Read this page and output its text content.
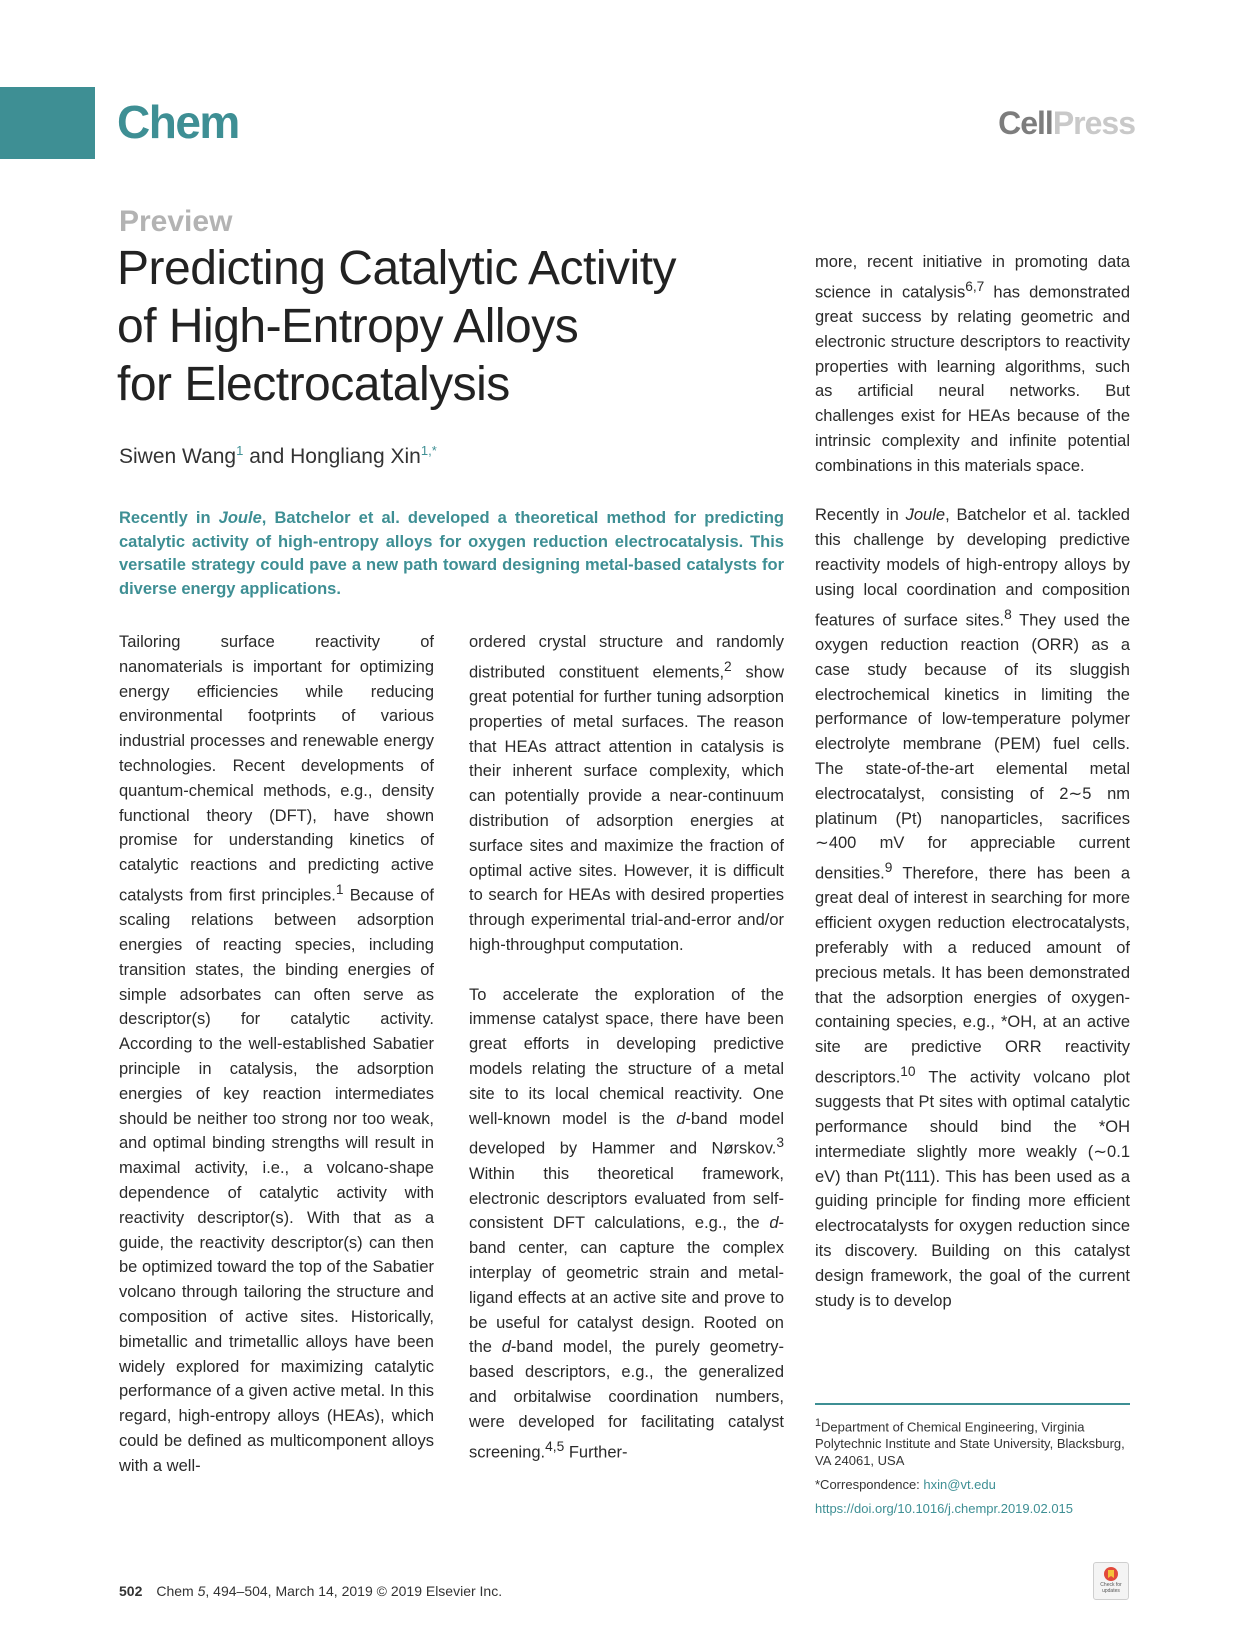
Chem	CellPress
Preview
Predicting Catalytic Activity
of High-Entropy Alloys
for Electrocatalysis
Siwen Wang$^1$ and Hongliang Xin$^{1,*}$
Recently in Joule, Batchelor et al. developed a theoretical method for predicting catalytic activity of high-entropy alloys for oxygen reduction electrocatalysis. This versatile strategy could pave a new path toward designing metal-based catalysts for diverse energy applications.

Tailoring surface reactivity of nanomaterials is important for optimizing energy efficiencies while reducing environmental footprints of various industrial processes and renewable energy technologies. Recent developments of quantum-chemical methods, e.g., density functional theory (DFT), have shown promise for understanding kinetics of catalytic reactions and predicting active catalysts from first principles.$^1$ Because of scaling relations between adsorption energies of reacting species, including transition states, the binding energies of simple adsorbates can often serve as descriptor(s) for catalytic activity. According to the well-established Sabatier principle in catalysis, the adsorption energies of key reaction intermediates should be neither too strong nor too weak, and optimal binding strengths will result in maximal activity, i.e., a volcano-shape dependence of catalytic activity with reactivity descriptor(s). With that as a guide, the reactivity descriptor(s) can then be optimized toward the top of the Sabatier volcano through tailoring the structure and composition of active sites. Historically, bimetallic and trimetallic alloys have been widely explored for maximizing catalytic performance of a given active metal. In this regard, high-entropy alloys (HEAs), which could be defined as multicomponent alloys with a well-

ordered crystal structure and randomly distributed constituent elements,$^2$ show great potential for further tuning adsorption properties of metal surfaces. The reason that HEAs attract attention in catalysis is their inherent surface complexity, which can potentially provide a near-continuum distribution of adsorption energies at surface sites and maximize the fraction of optimal active sites. However, it is difficult to search for HEAs with desired properties through experimental trial-and-error and/or high-throughput computation.

To accelerate the exploration of the immense catalyst space, there have been great efforts in developing predictive models relating the structure of a metal site to its local chemical reactivity. One well-known model is the d-band model developed by Hammer and Nørskov.$^3$ Within this theoretical framework, electronic descriptors evaluated from self-consistent DFT calculations, e.g., the d-band center, can capture the complex interplay of geometric strain and metal-ligand effects at an active site and prove to be useful for catalyst design. Rooted on the d-band model, the purely geometry-based descriptors, e.g., the generalized and orbitalwise coordination numbers, were developed for facilitating catalyst screening.$^{4,5}$ Further-

more, recent initiative in promoting data science in catalysis$^{6,7}$ has demonstrated great success by relating geometric and electronic structure descriptors to reactivity properties with learning algorithms, such as artificial neural networks. But challenges exist for HEAs because of the intrinsic complexity and infinite potential combinations in this materials space.

Recently in Joule, Batchelor et al. tackled this challenge by developing predictive reactivity models of high-entropy alloys by using local coordination and composition features of surface sites.$^8$ They used the oxygen reduction reaction (ORR) as a case study because of its sluggish electrochemical kinetics in limiting the performance of low-temperature polymer electrolyte membrane (PEM) fuel cells. The state-of-the-art elemental metal electrocatalyst, consisting of 2∼5 nm platinum (Pt) nanoparticles, sacrifices ∼400 mV for appreciable current densities.$^9$ Therefore, there has been a great deal of interest in searching for more efficient oxygen reduction electrocatalysts, preferably with a reduced amount of precious metals. It has been demonstrated that the adsorption energies of oxygen-containing species, e.g., *OH, at an active site are predictive ORR reactivity descriptors.$^{10}$ The activity volcano plot suggests that Pt sites with optimal catalytic performance should bind the *OH intermediate slightly more weakly (∼0.1 eV) than Pt(111). This has been used as a guiding principle for finding more efficient electrocatalysts for oxygen reduction since its discovery. Building on this catalyst design framework, the goal of the current study is to develop

$^1$Department of Chemical Engineering, Virginia Polytechnic Institute and State University, Blacksburg, VA 24061, USA
*Correspondence: hxin@vt.edu
https://doi.org/10.1016/j.chempr.2019.02.015
502 Chem 5, 494–504, March 14, 2019 © 2019 Elsevier Inc.	Check for updates
